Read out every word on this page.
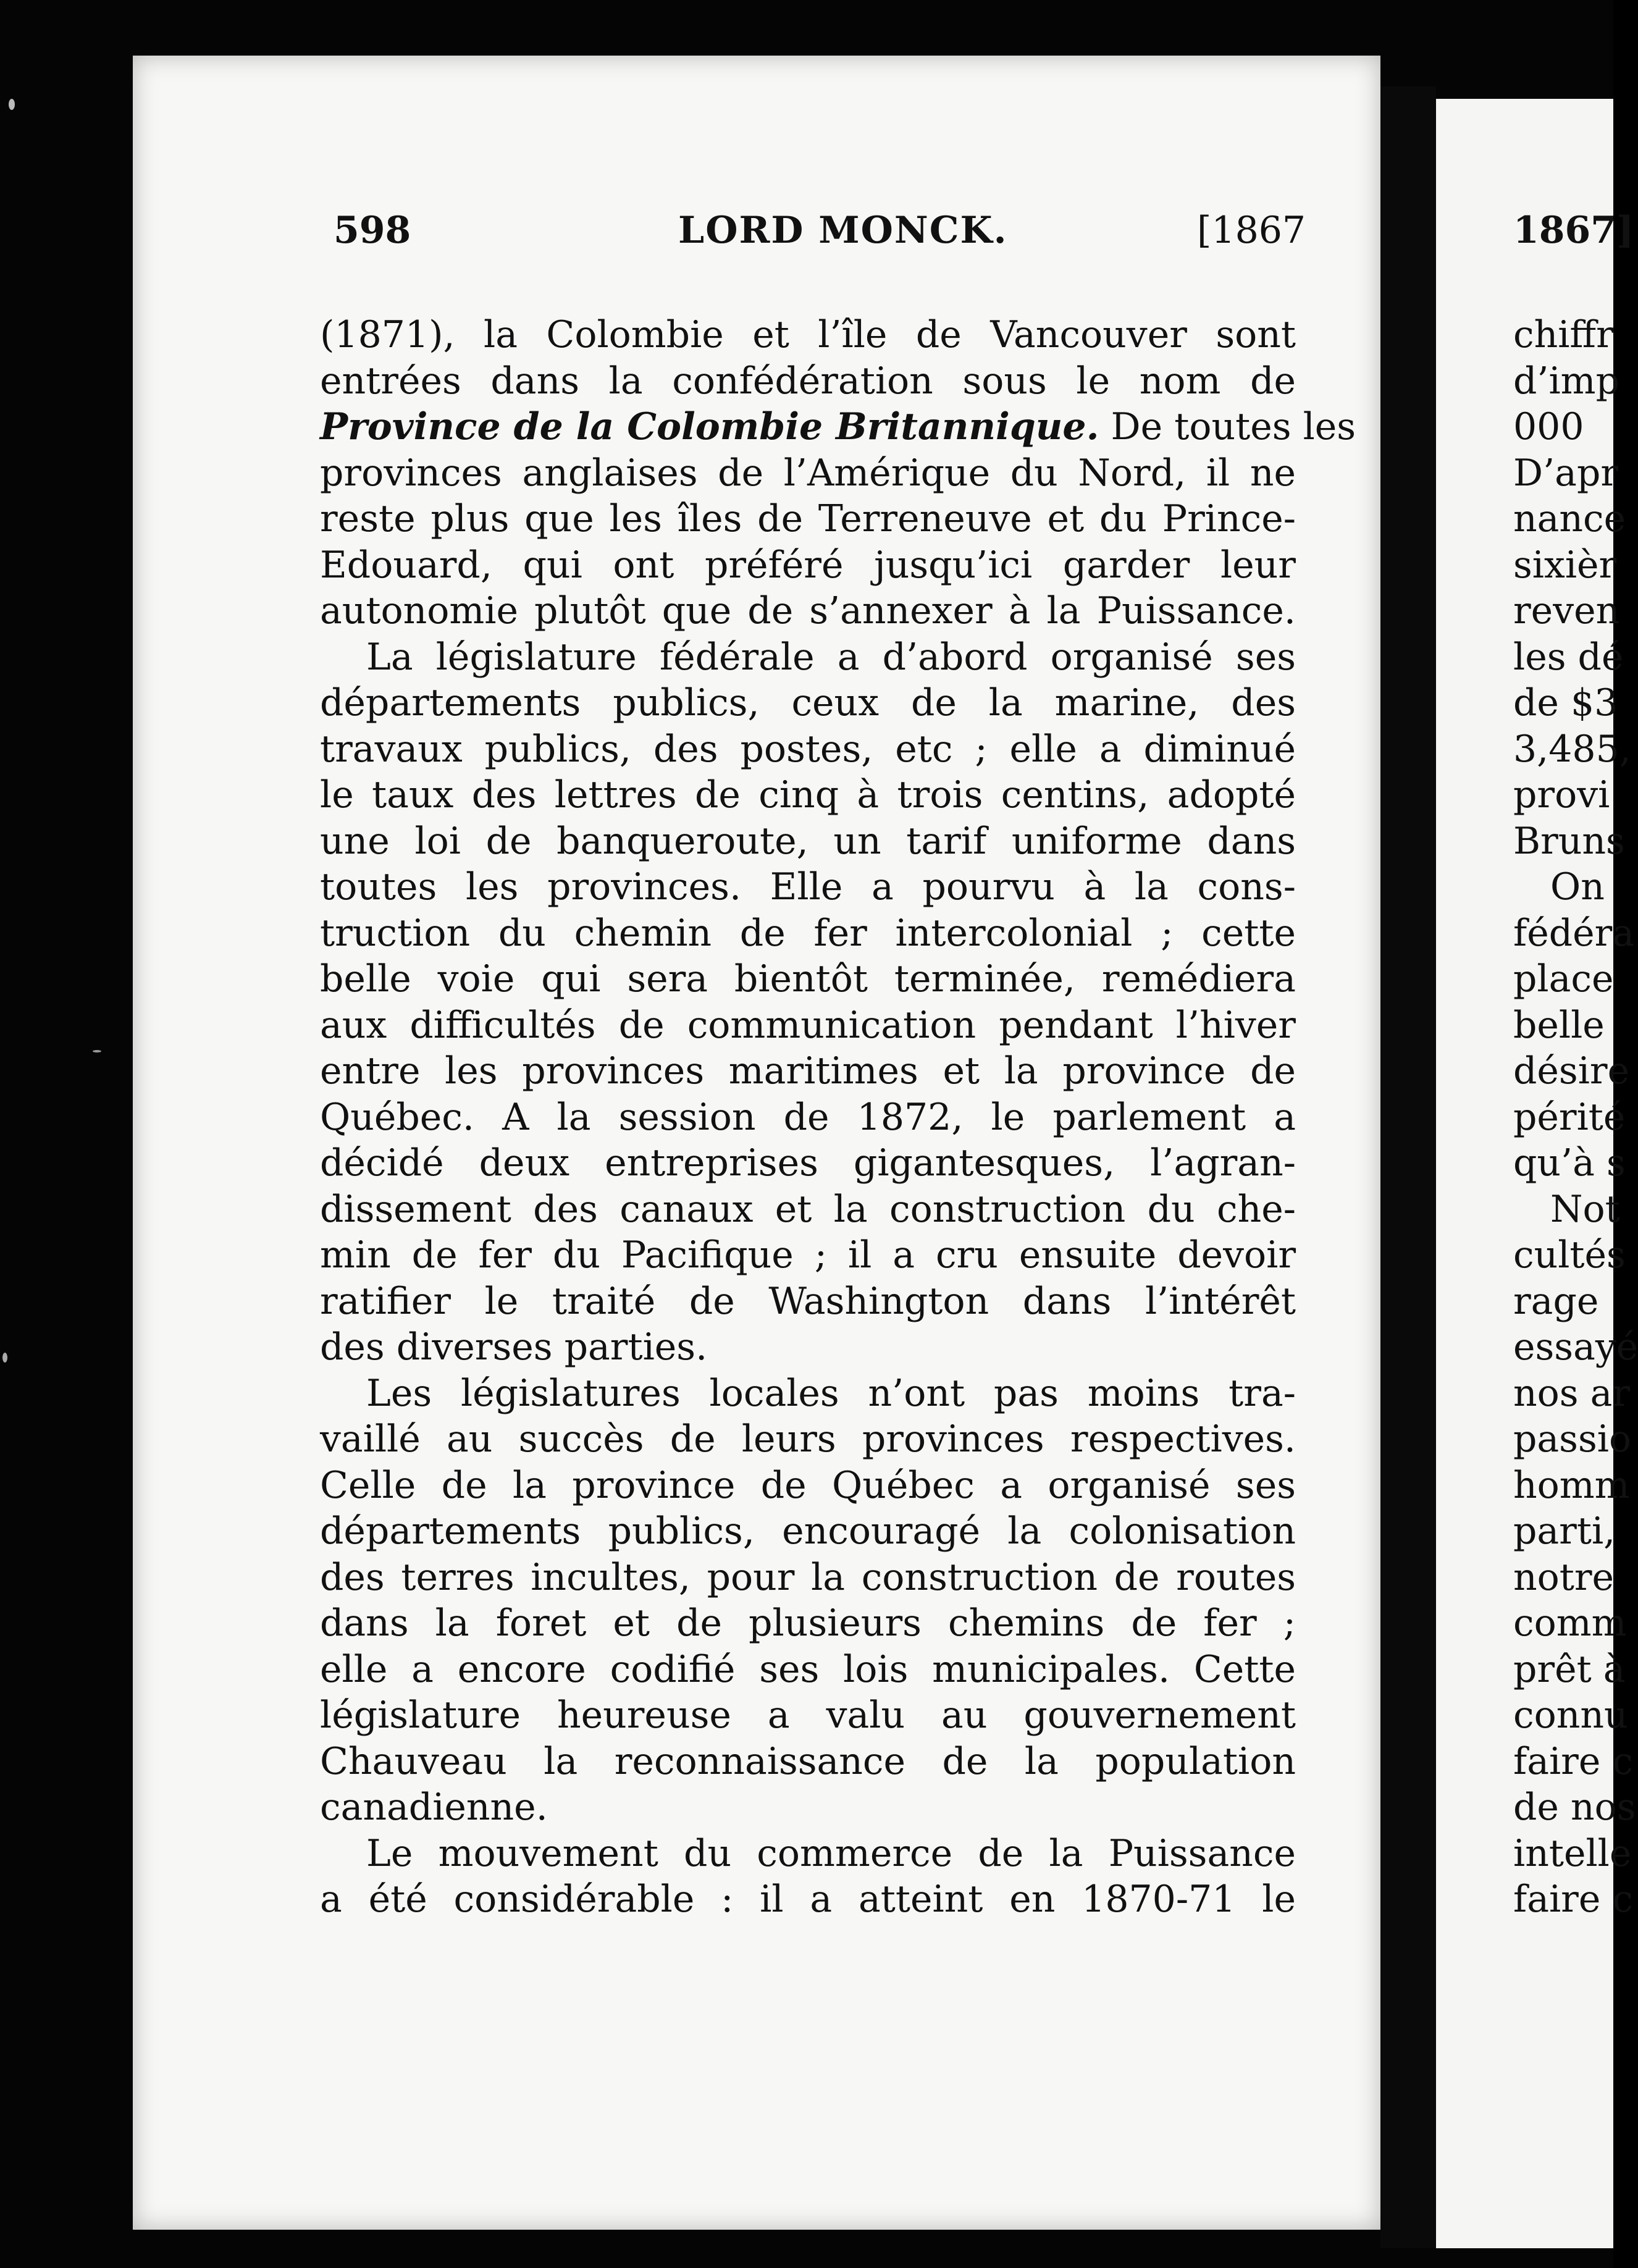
598	LORD MONCK.	[1867
(1871), la Colombie et l’île de Vancouver sont
entrées dans la confédération sous le nom de
Province de la Colombie Britannique. De toutes les
provinces anglaises de l’Amérique du Nord, il ne
reste plus que les îles de Terreneuve et du Prince-
Edouard, qui ont préféré jusqu’ici garder leur
autonomie plutôt que de s’annexer à la Puissance.
La législature fédérale a d’abord organisé ses
départements publics, ceux de la marine, des
travaux publics, des postes, etc ; elle a diminué
le taux des lettres de cinq à trois centins, adopté
une loi de banqueroute, un tarif uniforme dans
toutes les provinces. Elle a pourvu à la cons-
truction du chemin de fer intercolonial ; cette
belle voie qui sera bientôt terminée, remédiera
aux difficultés de communication pendant l’hiver
entre les provinces maritimes et la province de
Québec. A la session de 1872, le parlement a
décidé deux entreprises gigantesques, l’agran-
dissement des canaux et la construction du che-
min de fer du Pacifique ; il a cru ensuite devoir
ratifier le traité de Washington dans l’intérêt
des diverses parties.
Les législatures locales n’ont pas moins tra-
vaillé au succès de leurs provinces respectives.
Celle de la province de Québec a organisé ses
départements publics, encouragé la colonisation
des terres incultes, pour la construction de routes
dans la foret et de plusieurs chemins de fer ;
elle a encore codifié ses lois municipales. Cette
législature heureuse a valu au gouvernement
Chauveau la reconnaissance de la population
canadienne.
Le mouvement du commerce de la Puissance
a été considérable : il a atteint en 1870-71 le
1867]
chiffr
d’imp
000
D’apr
nance
sixièr
reven
les dé
de $3
3,485,
provi
Bruns
On
fédéra
place
belle
désire
périté
qu’à s
Not
cultés
rage
essayé
nos ar
passio
homm
parti,
notre
comm
prêt à
connu
faire c
de nos
intelle
faire c
